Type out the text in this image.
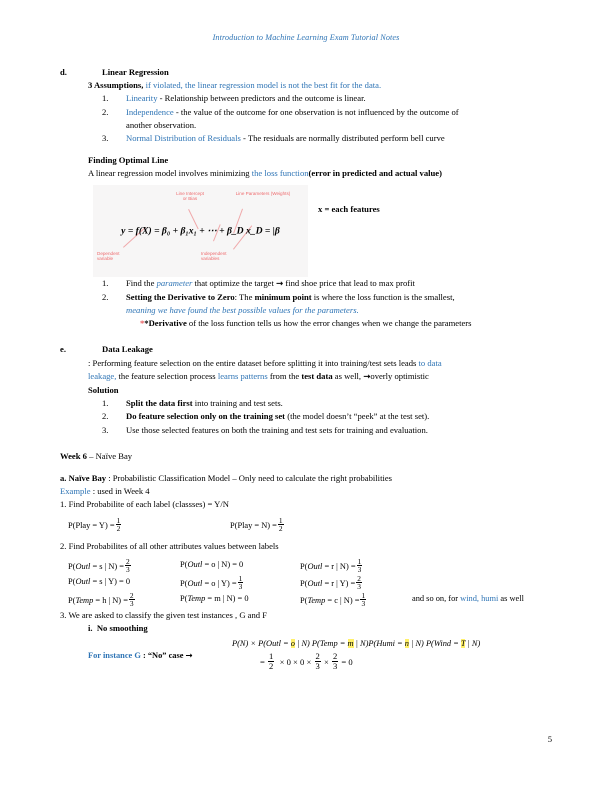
Introduction to Machine Learning Exam Tutorial Notes
d.	Linear Regression
3 Assumptions, if violated, the linear regression model is not the best fit for the data.
1. Linearity - Relationship between predictors and the outcome is linear.
2. Independence - the value of the outcome for one observation is not influenced by the outcome of
another observation.
3. Normal Distribution of Residuals - The residuals are normally distributed perform bell curve
Finding Optimal Line
A linear regression model involves minimizing the loss function(error in predicted and actual value)
Line Intercept
or Bias
Line Parameters (Weights)
Dependent
variable
Independent
variables
y = f(X) = β₀ + β₁x₁ + ⋯ + β_D x_D = |β
x = each features
1. Find the parameter that optimize the target → find shoe price that lead to max profit
2. Setting the Derivative to Zero: The minimum point is where the loss function is the smallest,
meaning we have found the best possible values for the parameters.
**Derivative of the loss function tells us how the error changes when we change the parameters
e.	Data Leakage
: Performing feature selection on the entire dataset before splitting it into training/test sets leads to data
leakage, the feature selection process learns patterns from the test data as well, →overly optimistic
Solution
1. Split the data first into training and test sets.
2. Do feature selection only on the training set (the model doesn’t “peek” at the test set).
3. Use those selected features on both the training and test sets for training and evaluation.
Week 6 – Naïve Bay
a. Naïve Bay : Probabilistic Classification Model – Only need to calculate the right probabilities
Example : used in Week 4
1. Find Probabilite of each label (classses) = Y/N
P(Play = $Y) = \frac{1}{2}$	P(Play = $N) = \frac{1}{2}$
2. Find Probabilites of all other attributes values between labels
P(Outl = s | $N) = \frac{2}{3}$	P(Outl = o | N) = 0	P(Outl = r | $N) = \frac{1}{3}$
P(Outl = s | Y) = 0	P(Outl = o | $Y) = \frac{1}{3}$	P(Outl = r | $Y) = \frac{2}{3}$
P(Temp = h | $N) = \frac{2}{3}$	P(Temp = m | N) = 0	P(Temp = c | $N) = \frac{1}{3}$	and so on, for wind, humi as well
3. We are asked to classify the given test instances , G and F
i. No smoothing
For instance G : “No” case →
P(N) × P(Outl = o | N) P(Temp = m | N)P(Humi = n | N) P(Wind = T | N)
= $\frac{1}{2} \times 0 \times 0 \times \frac{2}{3} \times \frac{2}{3} = 0$
5
